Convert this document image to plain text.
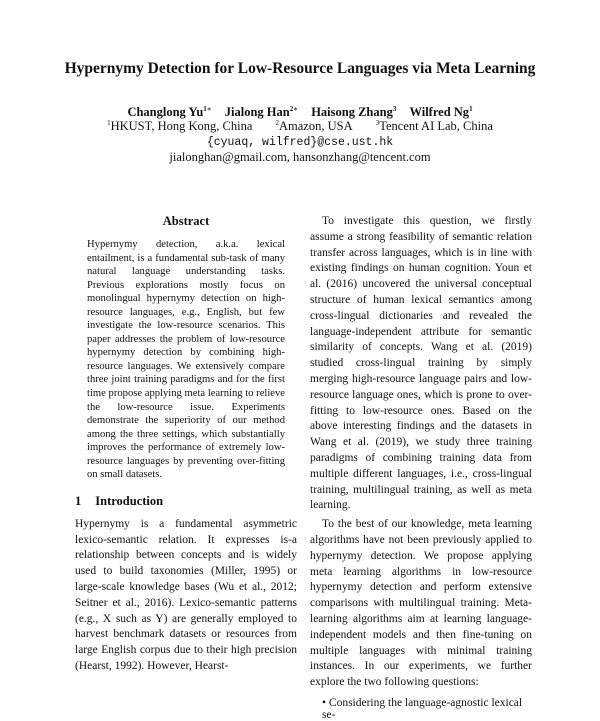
Hypernymy Detection for Low-Resource Languages via Meta Learning
Changlong $Yu^{1∗}$ Jialong Han$^{2∗}$ Haisong Zhang$^3$ Wilfred Ng$^1$
$^1$HKUST, Hong Kong, China	$^2$Amazon, USA	$^3$Tencent AI Lab, China
{cyuaq, wilfred}@cse.ust.hk
jialonghan@gmail.com, hansonzhang@tencent.com
Abstract
Hypernymy detection, a.k.a. lexical entailment, is a fundamental sub-task of many natural language understanding tasks. Previous explorations mostly focus on monolingual hypernymy detection on high-resource languages, e.g., English, but few investigate the low-resource scenarios. This paper addresses the problem of low-resource hypernymy detection by combining high-resource languages. We extensively compare three joint training paradigms and for the first time propose applying meta learning to relieve the low-resource issue. Experiments demonstrate the superiority of our method among the three settings, which substantially improves the performance of extremely low-resource languages by preventing over-fitting on small datasets.
1 Introduction

Hypernymy is a fundamental asymmetric lexico-semantic relation. It expresses is-a relationship between concepts and is widely used to build taxonomies (Miller, 1995) or large-scale knowledge bases (Wu et al., 2012; Seitner et al., 2016). Lexico-semantic patterns (e.g., X such as Y) are generally employed to harvest benchmark datasets or resources from large English corpus due to their high precision (Hearst, 1992). However, Hearst-

To investigate this question, we firstly assume a strong feasibility of semantic relation transfer across languages, which is in line with existing findings on human cognition. Youn et al. (2016) uncovered the universal conceptual structure of human lexical semantics among cross-lingual dictionaries and revealed the language-independent attribute for semantic similarity of concepts. Wang et al. (2019) studied cross-lingual training by simply merging high-resource language pairs and low-resource language ones, which is prone to over-fitting to low-resource ones. Based on the above interesting findings and the datasets in Wang et al. (2019), we study three training paradigms of combining training data from multiple different languages, i.e., cross-lingual training, multilingual training, as well as meta learning.

To the best of our knowledge, meta learning algorithms have not been previously applied to hypernymy detection. We propose applying meta learning algorithms in low-resource hypernymy detection and perform extensive comparisons with multilingual training. Meta-learning algorithms aim at learning language-independent models and then fine-tuning on multiple languages with minimal training instances. In our experiments, we further explore the two following questions:

• Considering the language-agnostic lexical se-
